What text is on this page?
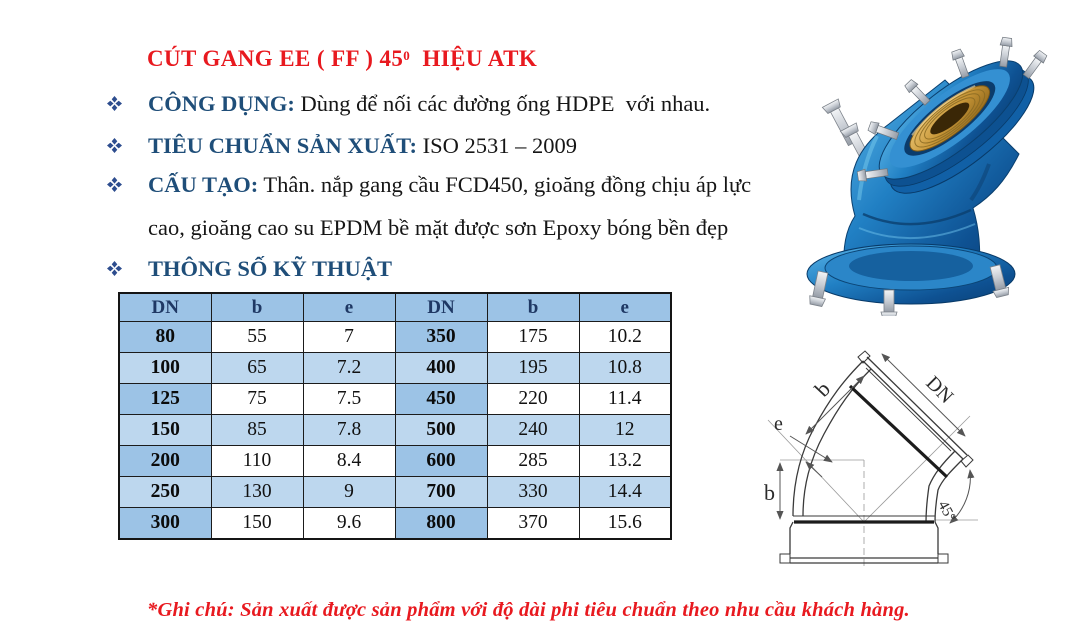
CÚT GANG EE ( FF ) $45^0$  HIỆU ATK
CÔNG DỤNG: Dùng để nối các đường ống HDPE  với nhau.
TIÊU CHUẨN SẢN XUẤT: ISO 2531 – 2009
CẤU TẠO: Thân. nắp gang cầu FCD450, gioăng đồng chịu áp lực
cao, gioăng cao su EPDM bề mặt được sơn Epoxy bóng bền đẹp
THÔNG SỐ KỸ THUẬT
DN	b	e	DN	b	e
80	55	7	350	175	10.2
100	65	7.2	400	195	10.8
125	75	7.5	450	220	11.4
150	85	7.8	500	240	12
200	110	8.4	600	285	13.2
250	130	9	700	330	14.4
300	150	9.6	800	370	15.6
b	DN
e
b
45°
*Ghi chú: Sản xuất được sản phẩm với độ dài phi tiêu chuẩn theo nhu cầu khách hàng.
